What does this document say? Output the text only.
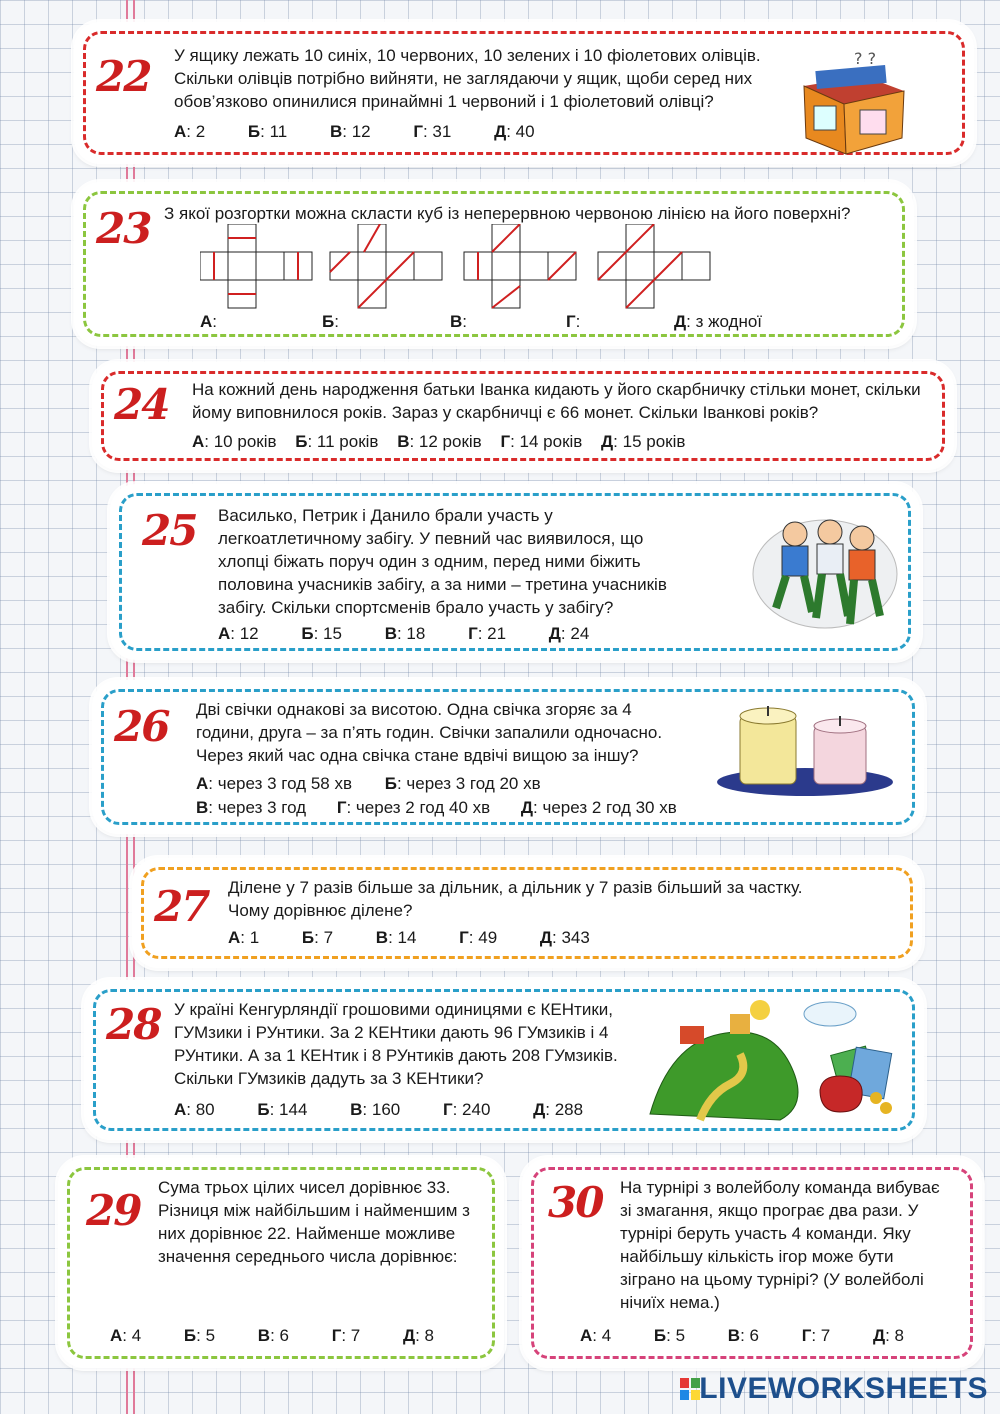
22 У ящику лежать 10 синіх, 10 червоних, 10 зелених і 10 фіолетових олівців. Скільки олівців потрібно вийняти, не заглядаючи у ящик, щоби серед них обов’язково опинилися принаймні 1 червоний і 1 фіолетовий олівці?
А: 2	Б: 11	В: 12	Г: 31	Д: 40
? ?
23 З якої розгортки можна скласти куб із неперервною червоною лінією на його поверхні?
А:	Б:	В:	Г:	Д: з жодної
24 На кожний день народження батьки Іванка кидають у його скарбничку стільки монет, скільки йому виповнилося років. Зараз у скарбничці є 66 монет. Скільки Іванкові років?
А: 10 років Б: 11 років В: 12 років Г: 14 років Д: 15 років
25 Василько, Петрик і Данило брали участь у легкоатлетичному забігу. У певний час виявилося, що хлопці біжать поруч один з одним, перед ними біжить половина учасників забігу, а за ними – третина учасників забігу. Скільки спортсменів брало участь у забігу?
А: 12	Б: 15	В: 18	Г: 21	Д: 24
26 Дві свічки однакові за висотою. Одна свічка згоряє за 4 години, друга – за п’ять годин. Свічки запалили одночасно. Через який час одна свічка стане вдвічі вищою за іншу?
А: через 3 год 58 хв Б: через 3 год 20 хв
В: через 3 год Г: через 2 год 40 хв Д: через 2 год 30 хв
27 Ділене у 7 разів більше за дільник, а дільник у 7 разів більший за частку. Чому дорівнює ділене?
А: 1	Б: 7	В: 14	Г: 49	Д: 343
28 У країні Кенгурляндії грошовими одиницями є КЕНтики, ГУМзики і РУнтики. За 2 КЕНтики дають 96 ГУмзиків і 4 РУнтики. А за 1 КЕНтик і 8 РУнтиків дають 208 ГУмзиків. Скільки ГУмзиків дадуть за 3 КЕНтики?
А: 80	Б: 144	В: 160	Г: 240	Д: 288
29 Сума трьох цілих чисел дорівнює 33. Різниця між найбільшим і найменшим з них дорівнює 22. Найменше можливе значення середнього числа дорівнює:
А: 4	Б: 5	В: 6	Г: 7	Д: 8
30 На турнірі з волейболу команда вибуває зі змагання, якщо програє два рази. У турнірі беруть участь 4 команди. Яку найбільшу кількість ігор може бути зіграно на цьому турнірі? (У волейболі нічиїх нема.)
А: 4	Б: 5	В: 6	Г: 7	Д: 8
LIVEWORKSHEETS
